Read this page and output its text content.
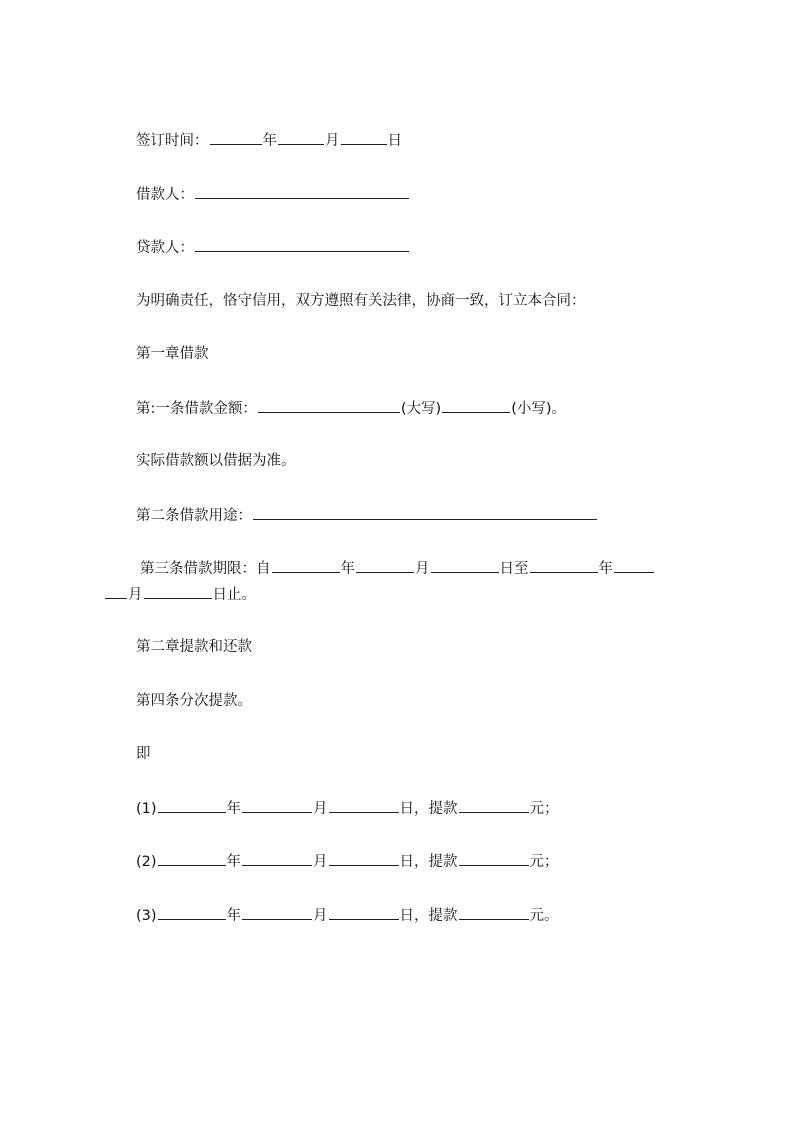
签订时间：	年	月	日
借款人：
贷款人：
为明确责任，恪守信用，双方遵照有关法律，协商一致，订立本合同：
第一章借款
第:一条借款金额：	(大写)	(小写)。
实际借款额以借据为准。
第二条借款用途：
第三条借款期限：自	年	月	日至	年
月	日止。
第二章提款和还款
第四条分次提款。
即
(1)	年	月	日，提款	元；
(2)	年	月	日，提款	元；
(3)	年	月	日，提款	元。
